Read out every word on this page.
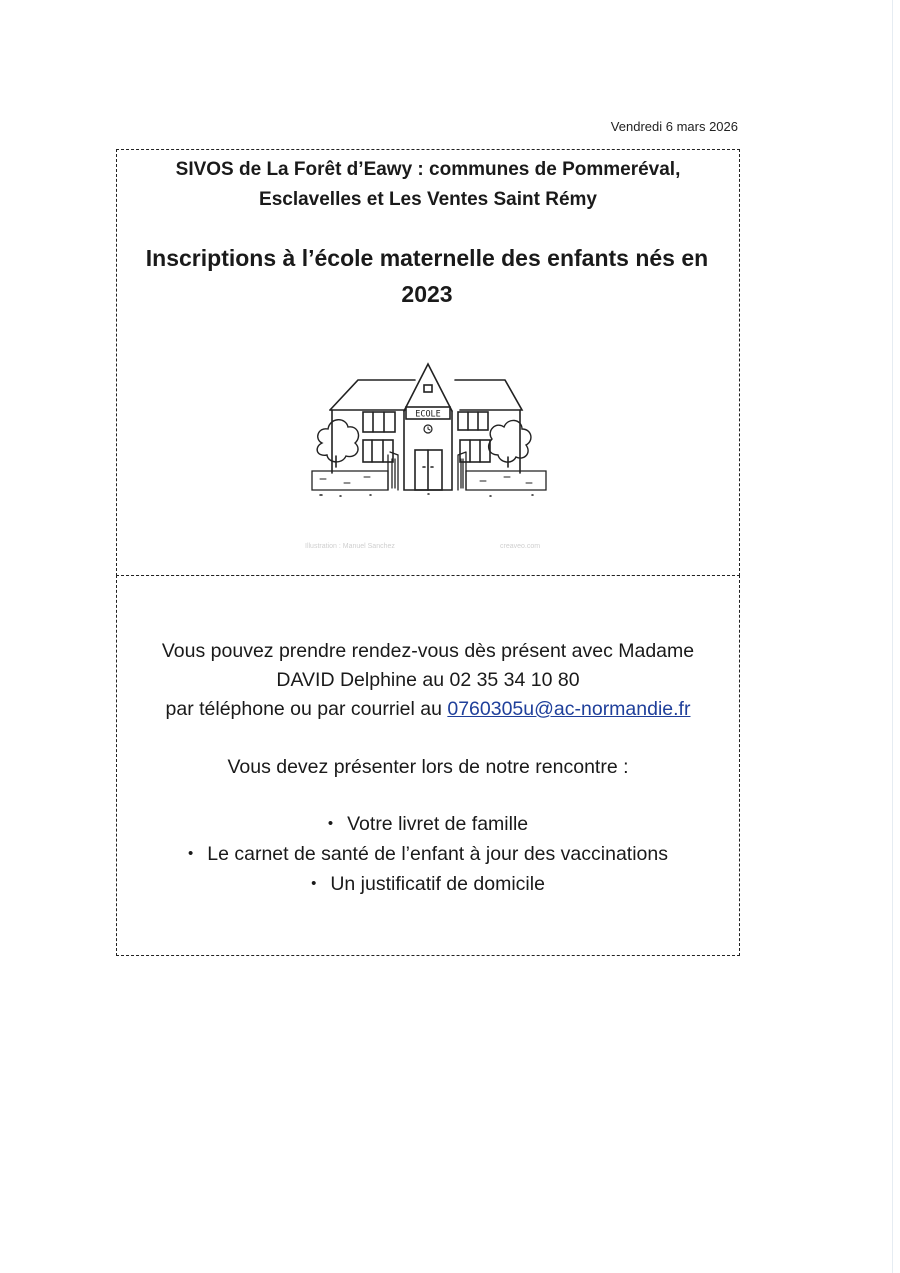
Vendredi 6 mars 2026
SIVOS de La Forêt d’Eawy : communes de Pommeréval,
Esclavelles et Les Ventes Saint Rémy
Inscriptions à l’école maternelle des enfants nés en
2023
ECOLE
Illustration : Manuel Sanchez	creaveo.com
Vous pouvez prendre rendez-vous dès présent avec Madame
DAVID Delphine au 02 35 34 10 80
par téléphone ou par courriel au 0760305u@ac-normandie.fr
Vous devez présenter lors de notre rencontre :
• Votre livret de famille
• Le carnet de santé de l’enfant à jour des vaccinations
• Un justificatif de domicile
